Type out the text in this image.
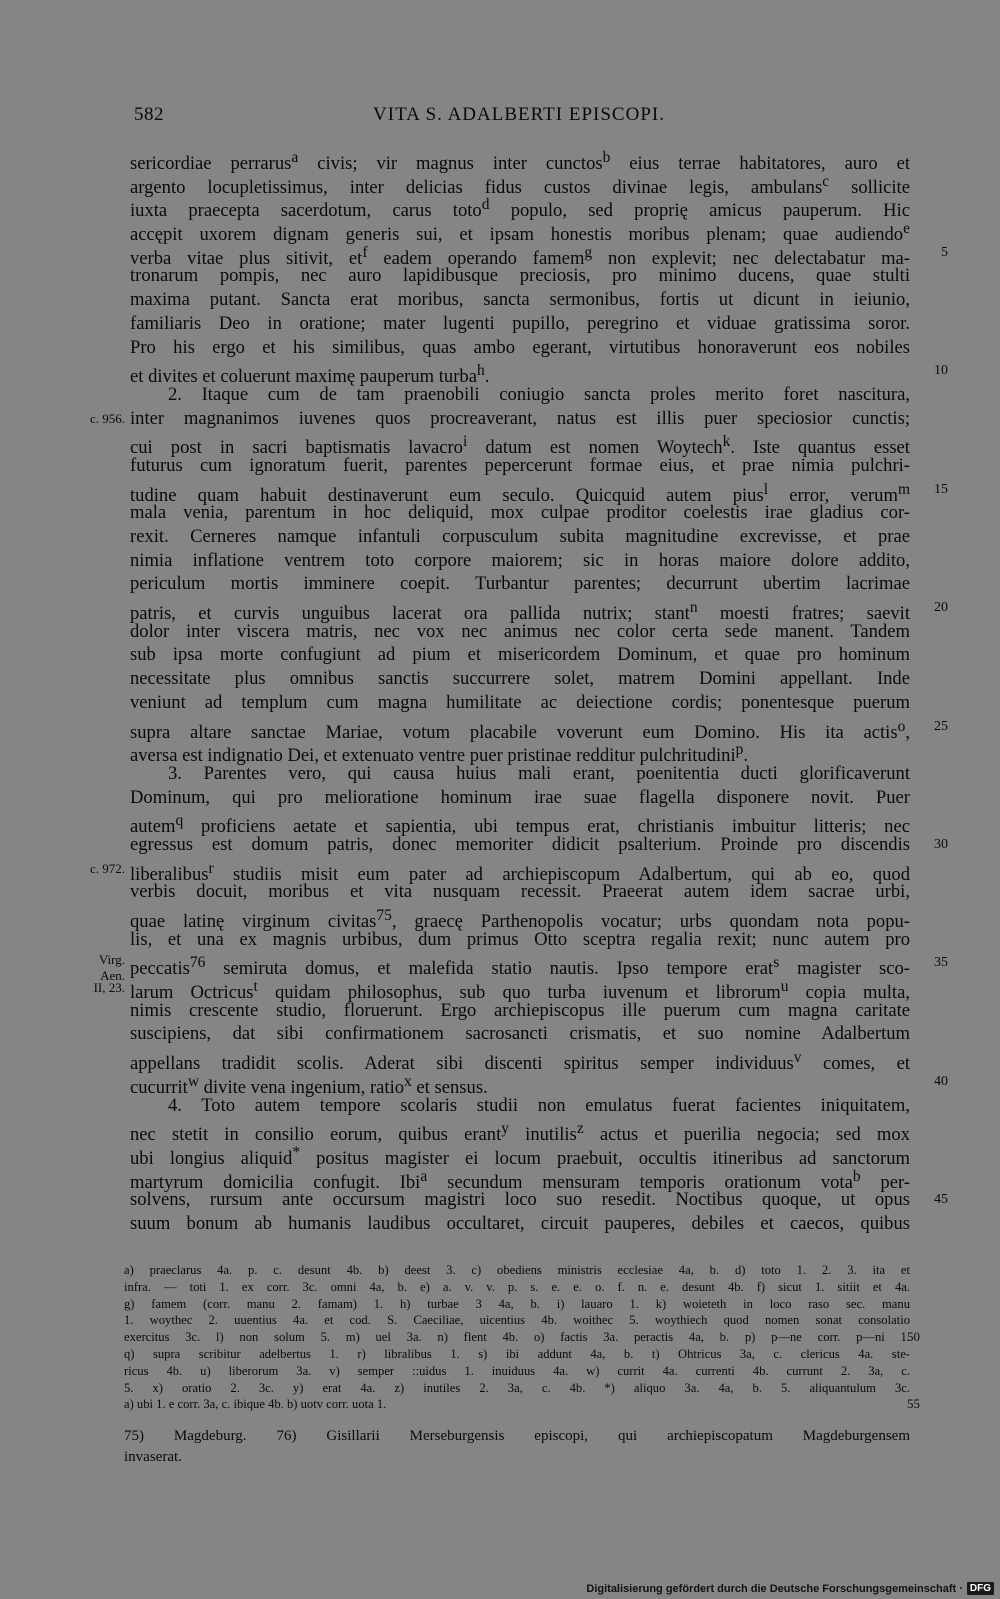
582	VITA S. ADALBERTI EPISCOPI.
sericordiae perrarus$^a$ civis; vir magnus inter cunctos$^b$ eius terrae habitatores, auro et
argento locupletissimus, inter delicias fidus custos divinae legis, ambulans$^c$ sollicite
iuxta praecepta sacerdotum, carus toto$^d$ populo, sed proprię amicus pauperum. Hic
accępit uxorem dignam generis sui, et ipsam honestis moribus plenam; quae audiendo$^e$
verba vitae plus sitivit, $et^f$ eadem operando famem$^g$ non explevit; nec delectabatur ma-	5
tronarum pompis, nec auro lapidibusque preciosis, pro minimo ducens, quae stulti
maxima putant. Sancta erat moribus, sancta sermonibus, fortis ut dicunt in ieiunio,
familiaris Deo in oratione; mater lugenti pupillo, peregrino et viduae gratissima soror.
Pro his ergo et his similibus, quas ambo egerant, virtutibus honoraverunt eos nobiles
et divites et coluerunt maximę pauperum turba$^h$.	10
2. Itaque cum de tam praenobili coniugio sancta proles merito foret nascitura,
inter magnanimos iuvenes quos procreaverant, natus est illis puer speciosior cunctis;
cui post in sacri baptismatis lavacro$^i$ datum est nomen Woytech$^k$. Iste quantus esset
futurus cum ignoratum fuerit, parentes pepercerunt formae eius, et prae nimia pulchri-
tudine quam habuit destinaverunt eum seculo. Quicquid autem pius$^l$ error, verum$^m$	15
mala venia, parentum in hoc deliquid, mox culpae proditor coelestis irae gladius cor-
rexit. Cerneres namque infantuli corpusculum subita magnitudine excrevisse, et prae
nimia inflatione ventrem toto corpore maiorem; sic in horas maiore dolore addito,
periculum mortis imminere coepit. Turbantur parentes; decurrunt ubertim lacrimae
patris, et curvis unguibus lacerat ora pallida nutrix; stant$^n$ moesti fratres; saevit	20
dolor inter viscera matris, nec vox nec animus nec color certa sede manent. Tandem
sub ipsa morte confugiunt ad pium et misericordem Dominum, et quae pro hominum
necessitate plus omnibus sanctis succurrere solet, matrem Domini appellant. Inde
veniunt ad templum cum magna humilitate ac deiectione cordis; ponentesque puerum
supra altare sanctae Mariae, votum placabile voverunt eum Domino. His ita actis$^o$,	25
aversa est indignatio Dei, et extenuato ventre puer pristinae redditur pulchritudini$^p$.
3. Parentes vero, qui causa huius mali erant, poenitentia ducti glorificaverunt
Dominum, qui pro melioratione hominum irae suae flagella disponere novit. Puer
autem$^q$ proficiens aetate et sapientia, ubi tempus erat, christianis imbuitur litteris; nec
egressus est domum patris, donec memoriter didicit psalterium. Proinde pro discendis	30
liberalibus$^r$ studiis misit eum pater ad archiepiscopum Adalbertum, qui ab eo, quod
verbis docuit, moribus et vita nusquam recessit. Praeerat autem idem sacrae urbi,
quae latinę virginum civitas$^{75}$, graecę Parthenopolis vocatur; urbs quondam nota popu-
lis, et una ex magnis urbibus, dum primus Otto sceptra regalia rexit; nunc autem pro
peccatis$^{76}$ semiruta domus, et malefida statio nautis. Ipso tempore erat$^s$ magister sco-	35
larum Octricus$^t$ quidam philosophus, sub quo turba iuvenum et librorum$^u$ copia multa,
nimis crescente studio, floruerunt. Ergo archiepiscopus ille puerum cum magna caritate
suscipiens, dat sibi confirmationem sacrosancti crismatis, et suo nomine Adalbertum
appellans tradidit scolis. Aderat sibi discenti spiritus semper individuus$^v$ comes, et
cucurrit$^w$ divite vena ingenium, ratio$^x$ et sensus.	40
4. Toto autem tempore scolaris studii non emulatus fuerat facientes iniquitatem,
nec stetit in consilio eorum, quibus erant$^y$ inutilis$^z$ actus et puerilia negocia; sed mox
ubi longius aliquid* positus magister ei locum praebuit, occultis itineribus ad sanctorum
martyrum domicilia confugit. Ibi$^a$ secundum mensuram temporis orationum vota$^b$ per-
solvens, rursum ante occursum magistri loco suo resedit. Noctibus quoque, ut opus	45
suum bonum ab humanis laudibus occultaret, circuit pauperes, debiles et caecos, quibus
c. 956.
c. 972.
Virg.
Aen.
II, 23.
a) praeclarus 4a. p. c. desunt 4b. b) deest 3. c) obediens ministris ecclesiae 4a, b. d) toto 1. 2. 3. ita et
infra. — toti 1. ex corr. 3c. omni 4a, b. e) a. v. v. p. s. e. e. o. f. n. e. desunt 4b. f) sicut 1. sitiit et 4a.
g) famem (corr. manu 2. famam) 1. h) turbae 3 4a, b. i) lauaro 1. k) woieteth in loco raso sec. manu
1. woythec 2. uuentius 4a. et cod. S. Caeciliae, uicentius 4b. woithec 5. woythiech quod nomen sonat consolatio
exercitus 3c. l) non solum 5. m) uel 3a. n) flent 4b. o) factis 3a. peractis 4a, b. p) p—ne corr. p—ni 1.
50
q) supra scribitur adelbertus 1. r) libralibus 1. s) ibi addunt 4a, b. t) Ohtricus 3a, c. clericus 4a. ste-
ricus 4b. u) liberorum 3a. v) semper ::uidus 1. inuiduus 4a. w) currit 4a. currenti 4b. currunt 2. 3a, c.
5. x) oratio 2. 3c. y) erat 4a. z) inutiles 2. 3a, c. 4b. *) aliquo 3a. 4a, b. 5. aliquantulum 3c.
a) ubi 1. e corr. 3a, c. ibique 4b. b) uotv corr. uota 1.	55
75) Magdeburg. 76) Gisillarii Merseburgensis episcopi, qui archiepiscopatum Magdeburgensem
invaserat.
Digitalisierung gefördert durch die Deutsche Forschungsgemeinschaft · DFG
